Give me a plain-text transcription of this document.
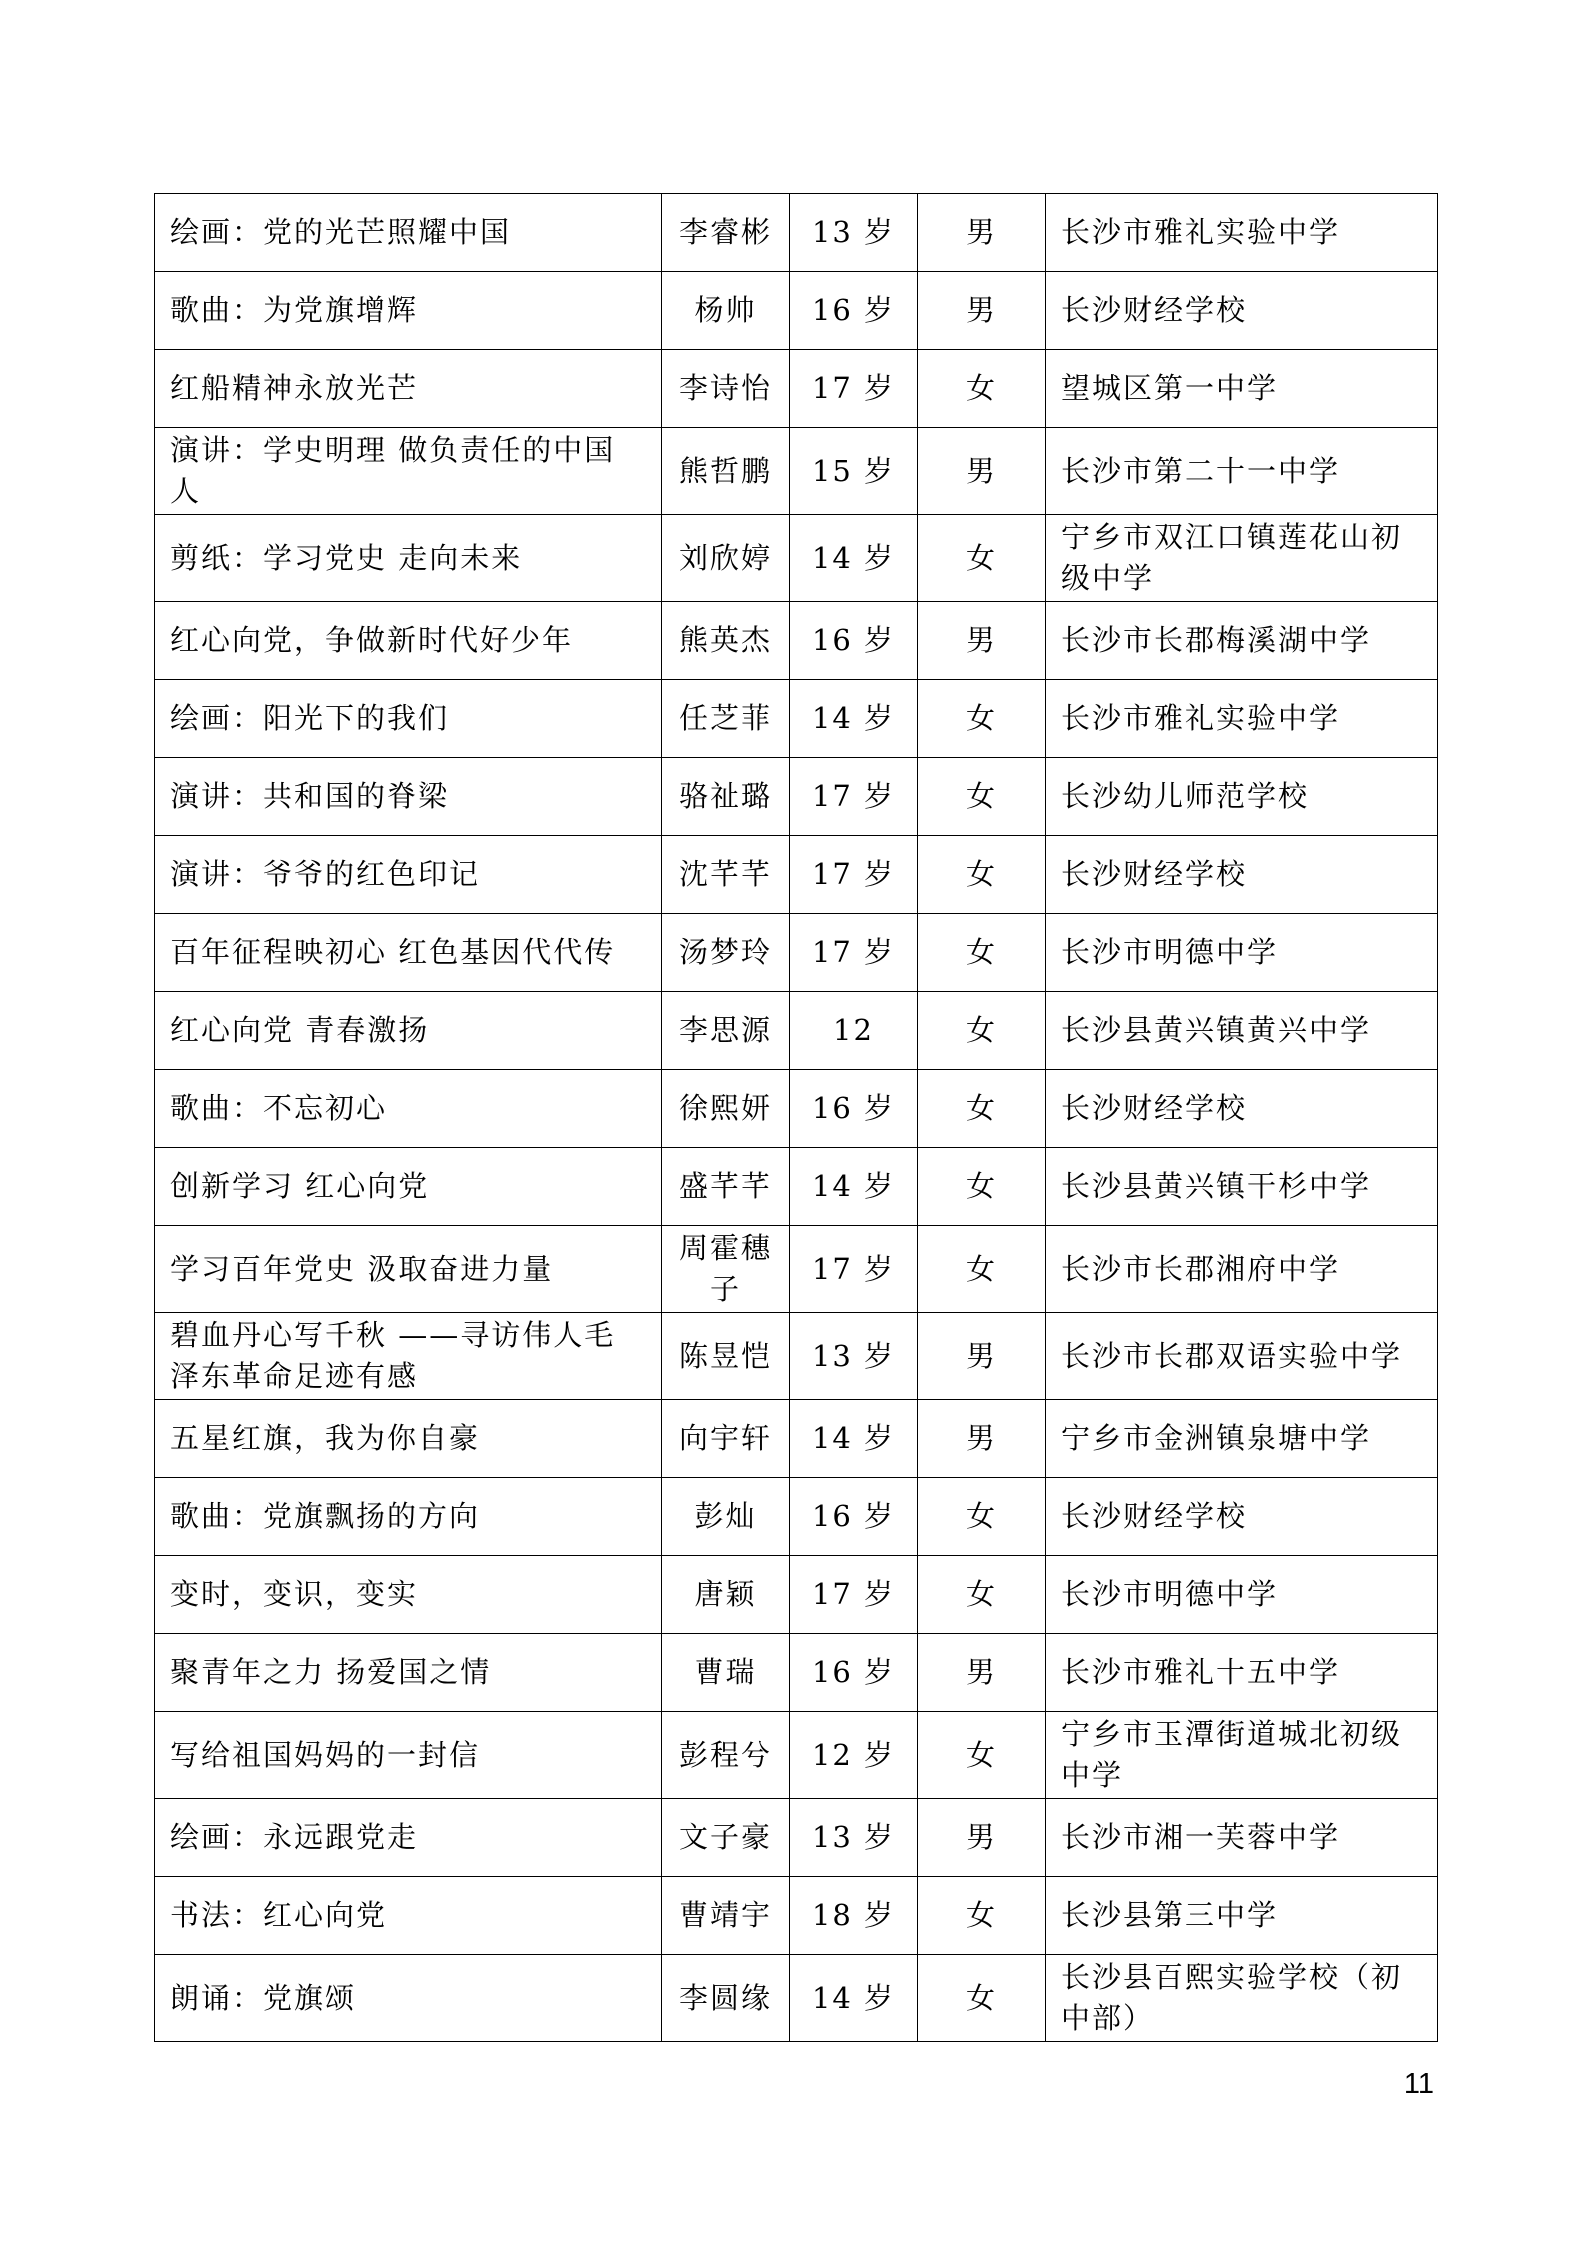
绘画：党的光芒照耀中国	李睿彬	13 岁	男	长沙市雅礼实验中学
歌曲：为党旗增辉	杨帅	16 岁	男	长沙财经学校
红船精神永放光芒	李诗怡	17 岁	女	望城区第一中学
演讲：学史明理 做负责任的中国人	熊哲鹏	15 岁	男	长沙市第二十一中学
剪纸：学习党史 走向未来	刘欣婷	14 岁	女	宁乡市双江口镇莲花山初级中学
红心向党，争做新时代好少年	熊英杰	16 岁	男	长沙市长郡梅溪湖中学
绘画：阳光下的我们	任芝菲	14 岁	女	长沙市雅礼实验中学
演讲：共和国的脊梁	骆祉璐	17 岁	女	长沙幼儿师范学校
演讲：爷爷的红色印记	沈芊芊	17 岁	女	长沙财经学校
百年征程映初心 红色基因代代传	汤梦玲	17 岁	女	长沙市明德中学
红心向党 青春激扬	李思源	12	女	长沙县黄兴镇黄兴中学
歌曲：不忘初心	徐熙妍	16 岁	女	长沙财经学校
创新学习 红心向党	盛芊芊	14 岁	女	长沙县黄兴镇干杉中学
学习百年党史 汲取奋进力量	周霍穗子	17 岁	女	长沙市长郡湘府中学
碧血丹心写千秋 ——寻访伟人毛泽东革命足迹有感	陈昱恺	13 岁	男	长沙市长郡双语实验中学
五星红旗，我为你自豪	向宇轩	14 岁	男	宁乡市金洲镇泉塘中学
歌曲：党旗飘扬的方向	彭灿	16 岁	女	长沙财经学校
变时，变识，变实	唐颖	17 岁	女	长沙市明德中学
聚青年之力 扬爱国之情	曹瑞	16 岁	男	长沙市雅礼十五中学
写给祖国妈妈的一封信	彭程兮	12 岁	女	宁乡市玉潭街道城北初级中学
绘画：永远跟党走	文子豪	13 岁	男	长沙市湘一芙蓉中学
书法：红心向党	曹靖宇	18 岁	女	长沙县第三中学
朗诵：党旗颂	李圆缘	14 岁	女	长沙县百熙实验学校（初中部）
11
